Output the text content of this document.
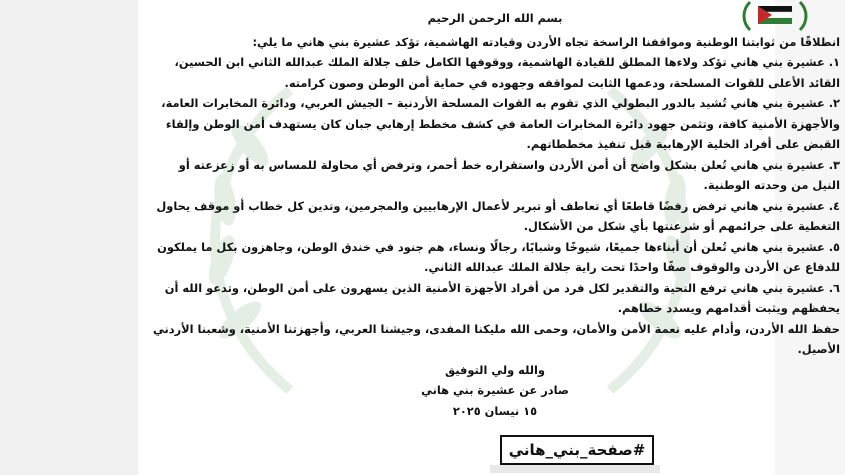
بسم الله الرحمن الرحيم

انطلاقًا من ثوابتنا الوطنية ومواقفنا الراسخة تجاه الأردن وقيادته الهاشمية، تؤكد عشيرة بني هاني ما يلي:

١. عشيرة بني هاني تؤكد ولاءها المطلق للقيادة الهاشمية، ووقوفها الكامل خلف جلالة الملك عبدالله الثاني ابن الحسين، القائد الأعلى للقوات المسلحة، ودعمها الثابت لمواقفه وجهوده في حماية أمن الوطن وصون كرامته.

٢. عشيرة بني هاني تُشيد بالدور البطولي الذي تقوم به القوات المسلحة الأردنية – الجيش العربي، ودائرة المخابرات العامة، والأجهزة الأمنية كافة، وتثمن جهود دائرة المخابرات العامة في كشف مخطط إرهابي جبان كان يستهدف أمن الوطن وإلقاء القبض على أفراد الخلية الإرهابية قبل تنفيذ مخططاتهم.

٣. عشيرة بني هاني تُعلن بشكل واضح أن أمن الأردن واستقراره خط أحمر، وترفض أي محاولة للمساس به أو زعزعته أو النيل من وحدته الوطنية.

٤. عشيرة بني هاني ترفض رفضًا قاطعًا أي تعاطف أو تبرير لأعمال الإرهابيين والمجرمين، وتدين كل خطاب أو موقف يحاول التغطية على جرائمهم أو شرعنتها بأي شكل من الأشكال.

٥. عشيرة بني هاني تُعلن أن أبناءها جميعًا، شيوخًا وشبابًا، رجالًا ونساء، هم جنود في خندق الوطن، وجاهزون بكل ما يملكون للدفاع عن الأردن والوقوف صفًا واحدًا تحت راية جلالة الملك عبدالله الثاني.

٦. عشيرة بني هاني ترفع التحية والتقدير لكل فرد من أفراد الأجهزة الأمنية الذين يسهرون على أمن الوطن، وتدعو الله أن يحفظهم ويثبت أقدامهم ويسدد خطاهم.

حفظ الله الأردن، وأدام عليه نعمة الأمن والأمان، وحمى الله مليكنا المفدى، وجيشنا العربي، وأجهزتنا الأمنية، وشعبنا الأردني الأصيل.

والله ولي التوفيق

صادر عن عشيرة بني هاني

١٥ نيسان ٢٠٢٥

#صفحة_بني_هاني
